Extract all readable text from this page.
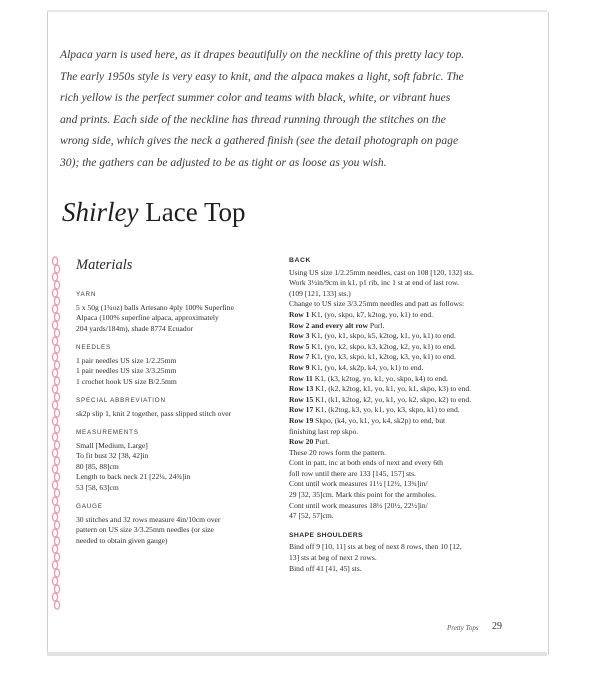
Alpaca yarn is used here, as it drapes beautifully on the neckline of this pretty lacy top.

The early 1950s style is very easy to knit, and the alpaca makes a light, soft fabric. The

rich yellow is the perfect summer color and teams with black, white, or vibrant hues

and prints. Each side of the neckline has thread running through the stitches on the

wrong side, which gives the neck a gathered finish (see the detail photograph on page

30); the gathers can be adjusted to be as tight or as loose as you wish.

Shirley Lace Top
Materials
YARN
5 x 50g (1¾oz) balls Artesano 4ply 100% Superfine
Alpaca (100% superfine alpaca, approximately
204 yards/184m), shade 8774 Ecuador
NEEDLES
1 pair needles US size 1/2.25mm
1 pair needles US size 3/3.25mm
1 crochet hook US size B/2.5mm
SPECIAL ABBREVIATION
sk2p slip 1, knit 2 together, pass slipped stitch over
MEASUREMENTS
Small [Medium, Large]
To fit bust 32 [38, 42]in
80 [85, 88]cm
Length to back neck 21 [22¼, 24¾]in
53 [58, 63]cm
GAUGE
30 stitches and 32 rows measure 4in/10cm over
pattern on US size 3/3.25mm needles (or size
needed to obtain given gauge)
BACK
Using US size 1/2.25mm needles, cast on 108 [120, 132] sts.
Work 3½in/9cm in k1, p1 rib, inc 1 st at end of last row.
(109 [121, 133] sts.)
Change to US size 3/3.25mm needles and patt as follows:
Row 1 K1, (yo, skpo, k7, k2tog, yo, k1) to end.
Row 2 and every alt row Purl.
Row 3 K1, (yo, k1, skpo, k5, k2tog, k1, yo, k1) to end.
Row 5 K1, (yo, k2, skpo, k3, k2tog, k2, yo, k1) to end.
Row 7 K1, (yo, k3, skpo, k1, k2tog, k3, yo, k1) to end.
Row 9 K1, (yo, k4, sk2p, k4, yo, k1) to end.
Row 11 K1, (k3, k2tog, yo, k1, yo, skpo, k4) to end.
Row 13 K1, (k2, k2tog, k1, yo, k1, yo, k1, skpo, k3) to end.
Row 15 K1, (k1, k2tog, k2, yo, k1, yo, k2, skpo, k2) to end.
Row 17 K1, (k2tog, k3, yo, k1, yo, k3, skpo, k1) to end.
Row 19 Skpo, (k4, yo, k1, yo, k4, sk2p) to end, but
finishing last rep skpo.
Row 20 Purl.
These 20 rows form the pattern.
Cont in patt, inc at both ends of next and every 6th
foll row until there are 133 [145, 157] sts.
Cont until work measures 11½ [12½, 13¾]in/
29 [32, 35]cm. Mark this point for the armholes.
Cont until work measures 18½ [20½, 22½]in/
47 [52, 57]cm.
SHAPE SHOULDERS
Bind off 9 [10, 11] sts at beg of next 8 rows, then 10 [12,
13] sts at beg of next 2 rows.
Bind off 41 [41, 45] sts.
Pretty Tops 29
